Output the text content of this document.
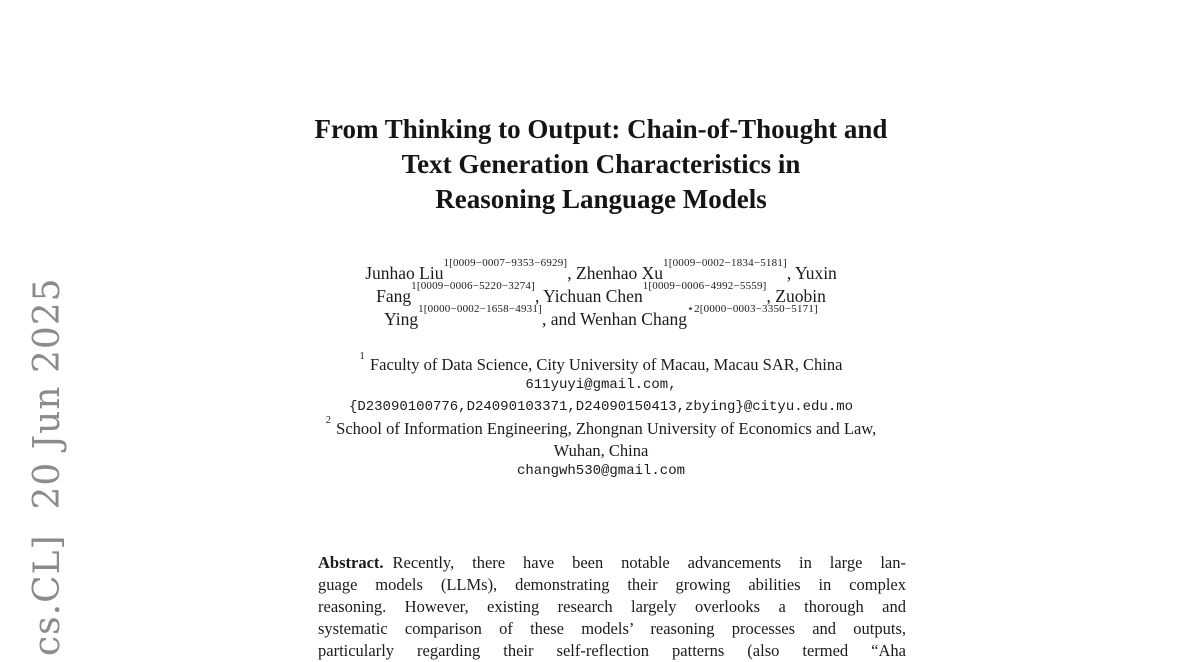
cs.CL]  20 Jun 2025
From Thinking to Output: Chain-of-Thought and
Text Generation Characteristics in
Reasoning Language Models
Junhao Liu$^{1[0009-0007-9353-6929]}$, Zhenhao $Xu^{1[0009-0002-1834-5181]}$, Yuxin
Fang$^{1[0009-0006-5220-3274]}$, Yichuan Chen$^{1[0009-0006-4992-5559]}$, Zuobin
Ying$^{1[0000-0002-1658-4931]}$, and Wenhan Chang$^{⋆2[0000-0003-3350-5171]}$
$^1$ Faculty of Data Science, City University of Macau, Macau SAR, China
611yuyi@gmail.com,
{D23090100776,D24090103371,D24090150413,zbying}@cityu.edu.mo
$^2$ School of Information Engineering, Zhongnan University of Economics and Law,
Wuhan, China
changwh530@gmail.com
Abstract. Recently, there have been notable advancements in large lan-
guage models (LLMs), demonstrating their growing abilities in complex
reasoning. However, existing research largely overlooks a thorough and
systematic comparison of these models’ reasoning processes and outputs,
particularly regarding their self-reflection patterns (also termed “Aha
